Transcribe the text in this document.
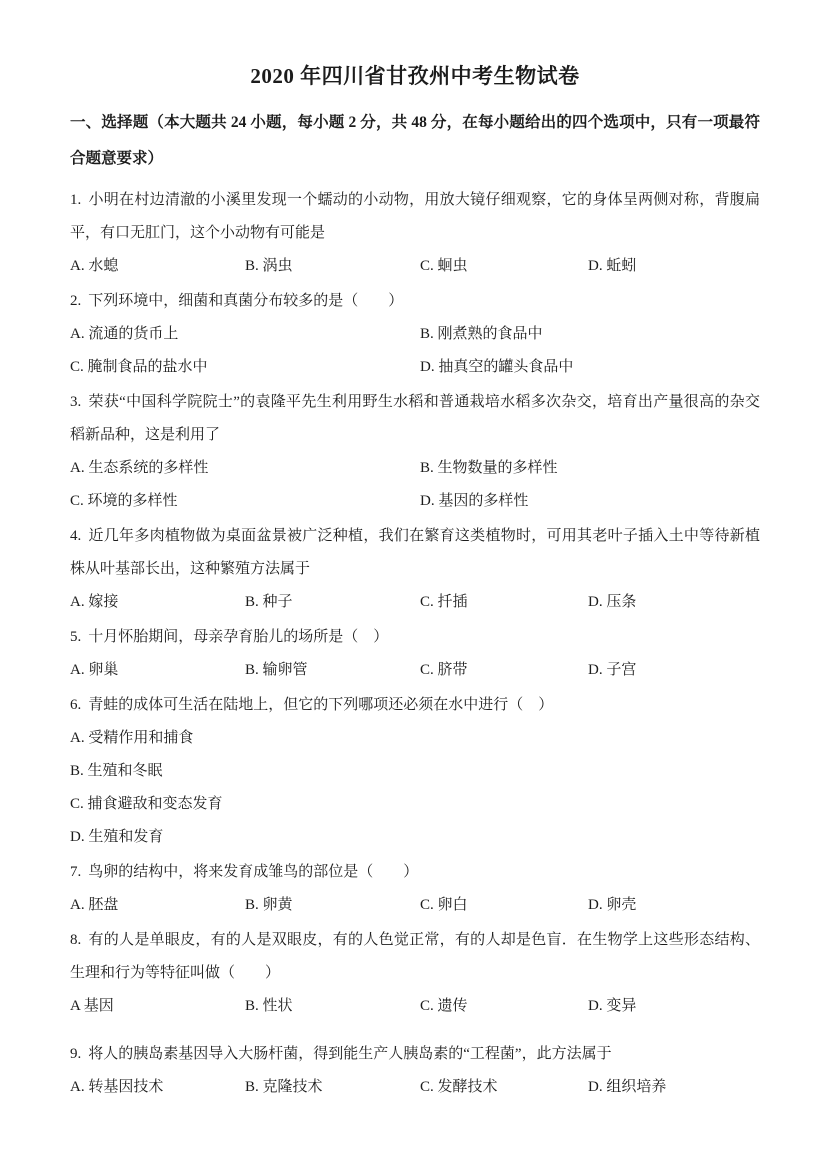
2020 年四川省甘孜州中考生物试卷

一、选择题（本大题共 24 小题，每小题 2 分，共 48 分，在每小题给出的四个选项中，只有一项最符合题意要求）

1. 小明在村边清澈的小溪里发现一个蠕动的小动物，用放大镜仔细观察，它的身体呈两侧对称，背腹扁平，有口无肛门，这个小动物有可能是

A. 水螅	B. 涡虫	C. 蛔虫	D. 蚯蚓

2. 下列环境中，细菌和真菌分布较多的是（　　）

A. 流通的货币上	B. 刚煮熟的食品中
C. 腌制食品的盐水中	D. 抽真空的罐头食品中

3. 荣获“中国科学院院士”的袁隆平先生利用野生水稻和普通栽培水稻多次杂交，培育出产量很高的杂交稻新品种，这是利用了

A. 生态系统的多样性	B. 生物数量的多样性
C. 环境的多样性	D. 基因的多样性

4. 近几年多肉植物做为桌面盆景被广泛种植，我们在繁育这类植物时，可用其老叶子插入土中等待新植株从叶基部长出，这种繁殖方法属于

A. 嫁接	B. 种子	C. 扦插	D. 压条

5. 十月怀胎期间，母亲孕育胎儿的场所是（　）

A. 卵巢	B. 输卵管	C. 脐带	D. 子宫

6. 青蛙的成体可生活在陆地上，但它的下列哪项还必须在水中进行（　）

A. 受精作用和捕食
B. 生殖和冬眠
C. 捕食避敌和变态发育
D. 生殖和发育

7. 鸟卵的结构中，将来发育成雏鸟的部位是（　　）

A. 胚盘	B. 卵黄	C. 卵白	D. 卵壳

8. 有的人是单眼皮，有的人是双眼皮，有的人色觉正常，有的人却是色盲．在生物学上这些形态结构、生理和行为等特征叫做（　　）

A 基因	B. 性状	C. 遗传	D. 变异

9. 将人的胰岛素基因导入大肠杆菌，得到能生产人胰岛素的“工程菌”，此方法属于

A. 转基因技术	B. 克隆技术	C. 发酵技术	D. 组织培养
